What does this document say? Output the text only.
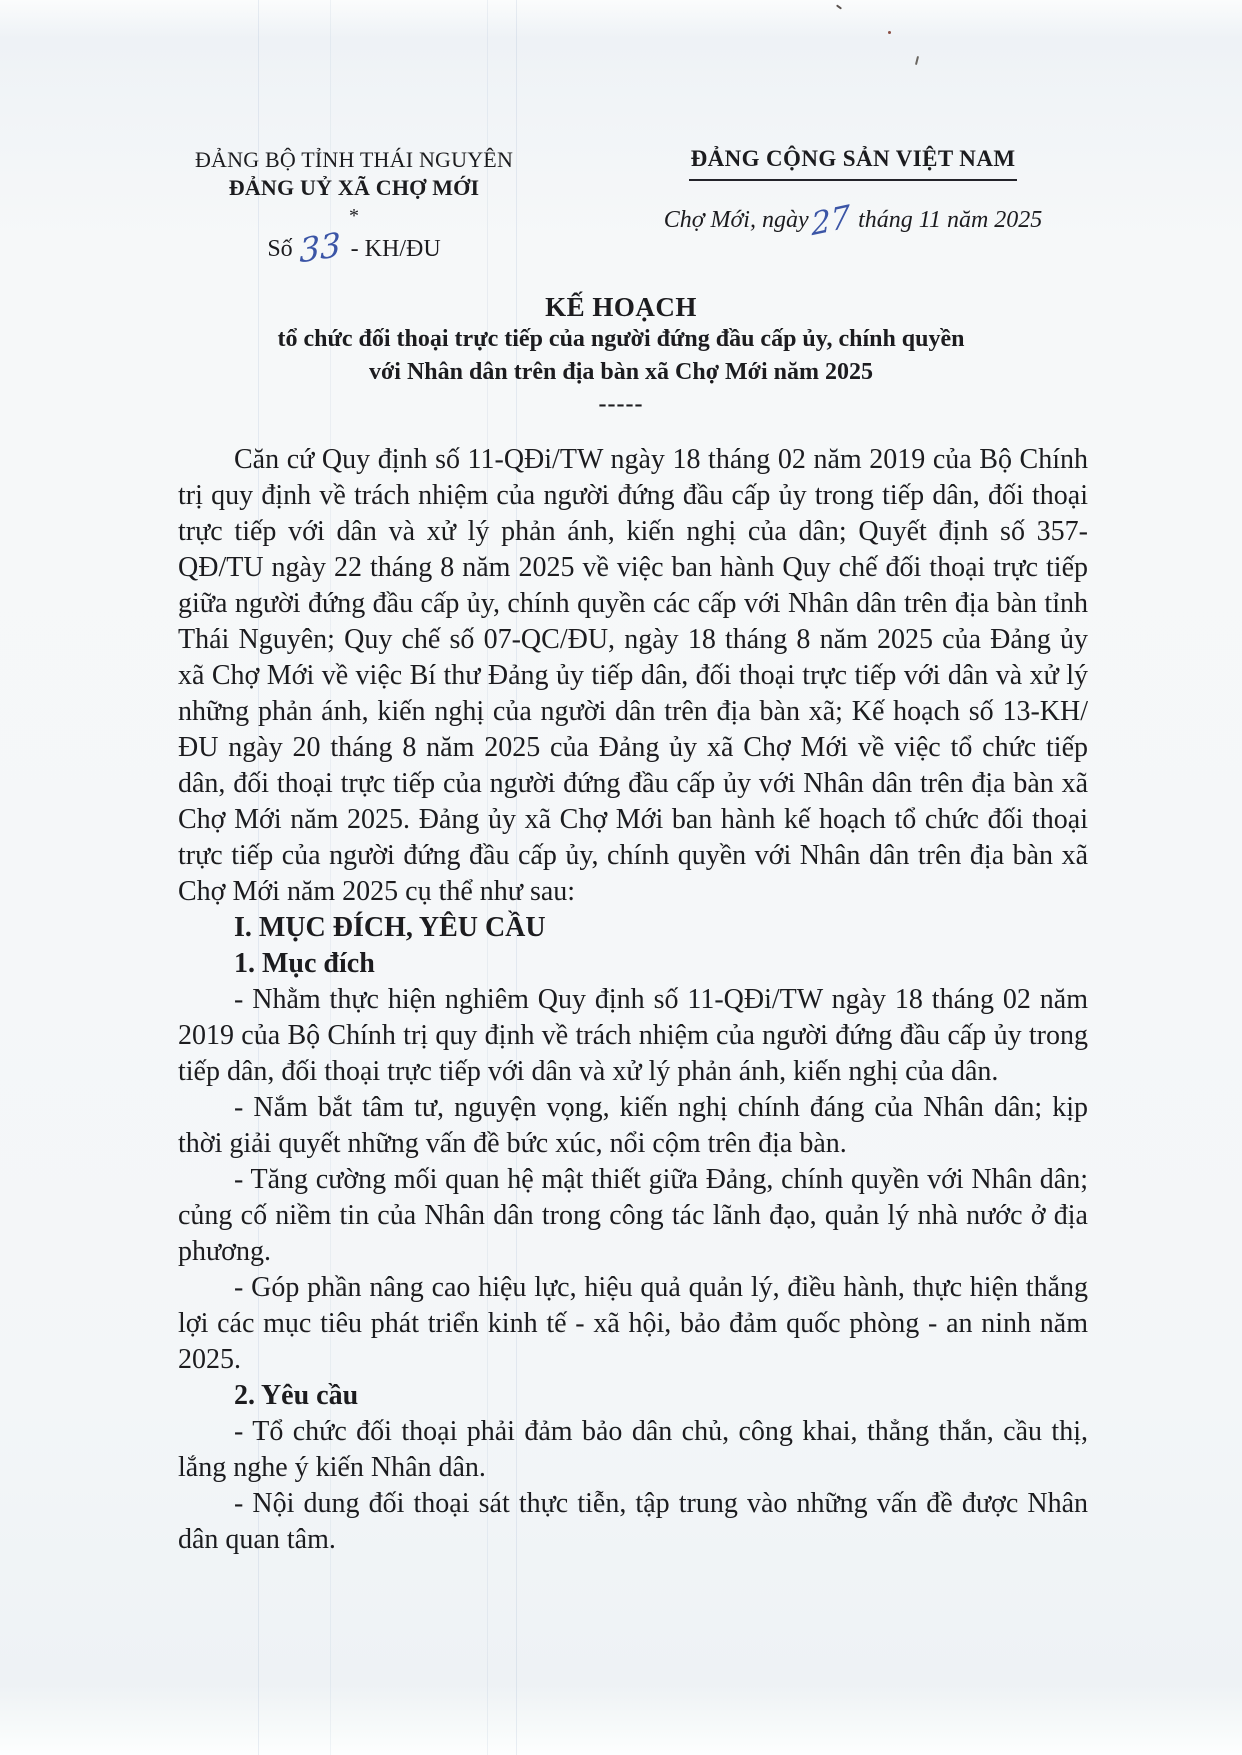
ĐẢNG BỘ TỈNH THÁI NGUYÊN
ĐẢNG UỶ XÃ CHỢ MỚI
*
Số 33 - KH/ĐU
ĐẢNG CỘNG SẢN VIỆT NAM
Chợ Mới, ngày27 tháng 11 năm 2025
KẾ HOẠCH
tổ chức đối thoại trực tiếp của người đứng đầu cấp ủy, chính quyền
với Nhân dân trên địa bàn xã Chợ Mới năm 2025
-----

Căn cứ Quy định số 11-QĐi/TW ngày 18 tháng 02 năm 2019 của Bộ Chính trị quy định về trách nhiệm của người đứng đầu cấp ủy trong tiếp dân, đối thoại trực tiếp với dân và xử lý phản ánh, kiến nghị của dân; Quyết định số 357-QĐ/TU ngày 22 tháng 8 năm 2025 về việc ban hành Quy chế đối thoại trực tiếp giữa người đứng đầu cấp ủy, chính quyền các cấp với Nhân dân trên địa bàn tỉnh Thái Nguyên; Quy chế số 07-QC/ĐU, ngày 18 tháng 8 năm 2025 của Đảng ủy xã Chợ Mới về việc Bí thư Đảng ủy tiếp dân, đối thoại trực tiếp với dân và xử lý những phản ánh, kiến nghị của người dân trên địa bàn xã; Kế hoạch số 13-KH/ĐU ngày 20 tháng 8 năm 2025 của Đảng ủy xã Chợ Mới về việc tổ chức tiếp dân, đối thoại trực tiếp của người đứng đầu cấp ủy với Nhân dân trên địa bàn xã Chợ Mới năm 2025. Đảng ủy xã Chợ Mới ban hành kế hoạch tổ chức đối thoại trực tiếp của người đứng đầu cấp ủy, chính quyền với Nhân dân trên địa bàn xã Chợ Mới năm 2025 cụ thể như sau:

I. MỤC ĐÍCH, YÊU CẦU

1. Mục đích

- Nhằm thực hiện nghiêm Quy định số 11-QĐi/TW ngày 18 tháng 02 năm 2019 của Bộ Chính trị quy định về trách nhiệm của người đứng đầu cấp ủy trong tiếp dân, đối thoại trực tiếp với dân và xử lý phản ánh, kiến nghị của dân.

- Nắm bắt tâm tư, nguyện vọng, kiến nghị chính đáng của Nhân dân; kịp thời giải quyết những vấn đề bức xúc, nổi cộm trên địa bàn.

- Tăng cường mối quan hệ mật thiết giữa Đảng, chính quyền với Nhân dân; củng cố niềm tin của Nhân dân trong công tác lãnh đạo, quản lý nhà nước ở địa phương.

- Góp phần nâng cao hiệu lực, hiệu quả quản lý, điều hành, thực hiện thắng lợi các mục tiêu phát triển kinh tế - xã hội, bảo đảm quốc phòng - an ninh năm 2025.

2. Yêu cầu

- Tổ chức đối thoại phải đảm bảo dân chủ, công khai, thẳng thắn, cầu thị, lắng nghe ý kiến Nhân dân.

- Nội dung đối thoại sát thực tiễn, tập trung vào những vấn đề được Nhân dân quan tâm.
